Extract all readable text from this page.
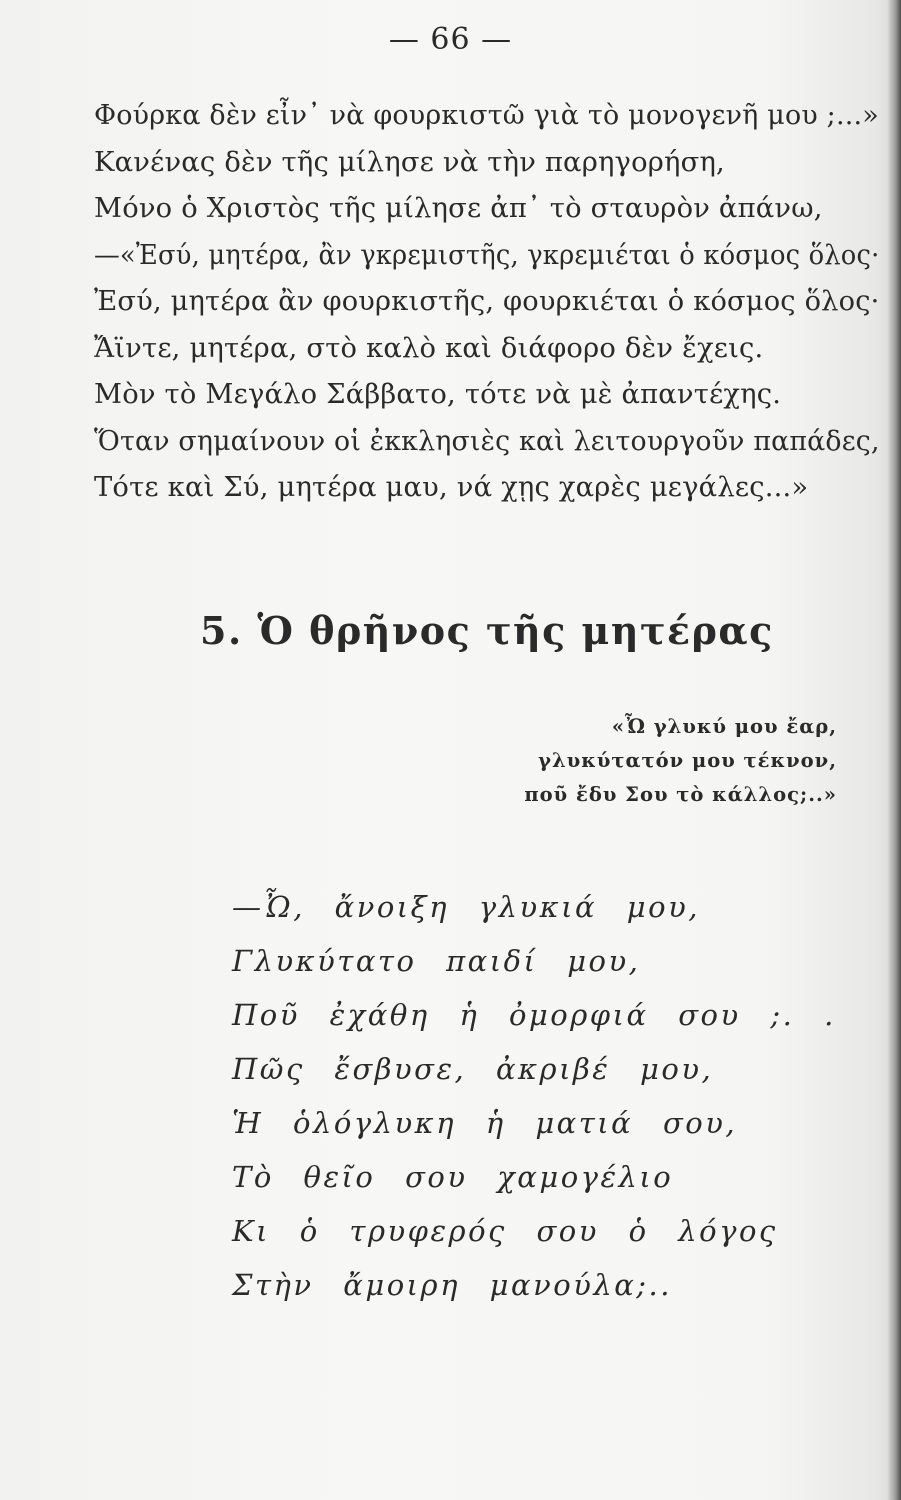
— 66 —
Φούρκα δὲν εἶν᾽ νὰ φουρκιστῶ γιὰ τὸ μονογενῆ μου ;...»
Κανένας δὲν τῆς μίλησε νὰ τὴν παρηγορήση,
Μόνο ὁ Χριστὸς τῆς μίλησε ἀπ᾽ τὸ σταυρὸν ἀπάνω,
—«Ἐσύ, μητέρα, ἂν γκρεμιστῆς, γκρεμιέται ὁ κόσμος ὅλος·
Ἐσύ, μητέρα ἂν φουρκιστῆς, φουρκιέται ὁ κόσμος ὅλος·
Ἄϊντε, μητέρα, στὸ καλὸ καὶ διάφορο δὲν ἔχεις.
Μὸν τὸ Μεγάλο Σάββατο, τότε νὰ μὲ ἀπαντέχης.
Ὅταν σημαίνουν οἱ ἐκκλησιὲς καὶ λειτουργοῦν παπάδες,
Τότε καὶ Σύ, μητέρα μαυ, νά χῃς χαρὲς μεγάλες...»
5. Ὁ θρῆνος τῆς μητέρας
«Ὦ γλυκύ μου ἔαρ,
γλυκύτατόν μου τέκνον,
ποῦ ἔδυ Σου τὸ κάλλος;..»
—Ὦ, ἄνοιξη γλυκιά μου,
Γλυκύτατο παιδί μου,
Ποῦ ἐχάθη ἡ ὀμορφιά σου ;. .
Πῶς ἔσβυσε, ἀκριβέ μου,
Ἡ ὁλόγλυκη ἡ ματιά σου,
Τὸ θεῖο σου χαμογέλιο
Κι ὁ τρυφερός σου ὁ λόγος
Στὴν ἄμοιρη μανούλα;..
